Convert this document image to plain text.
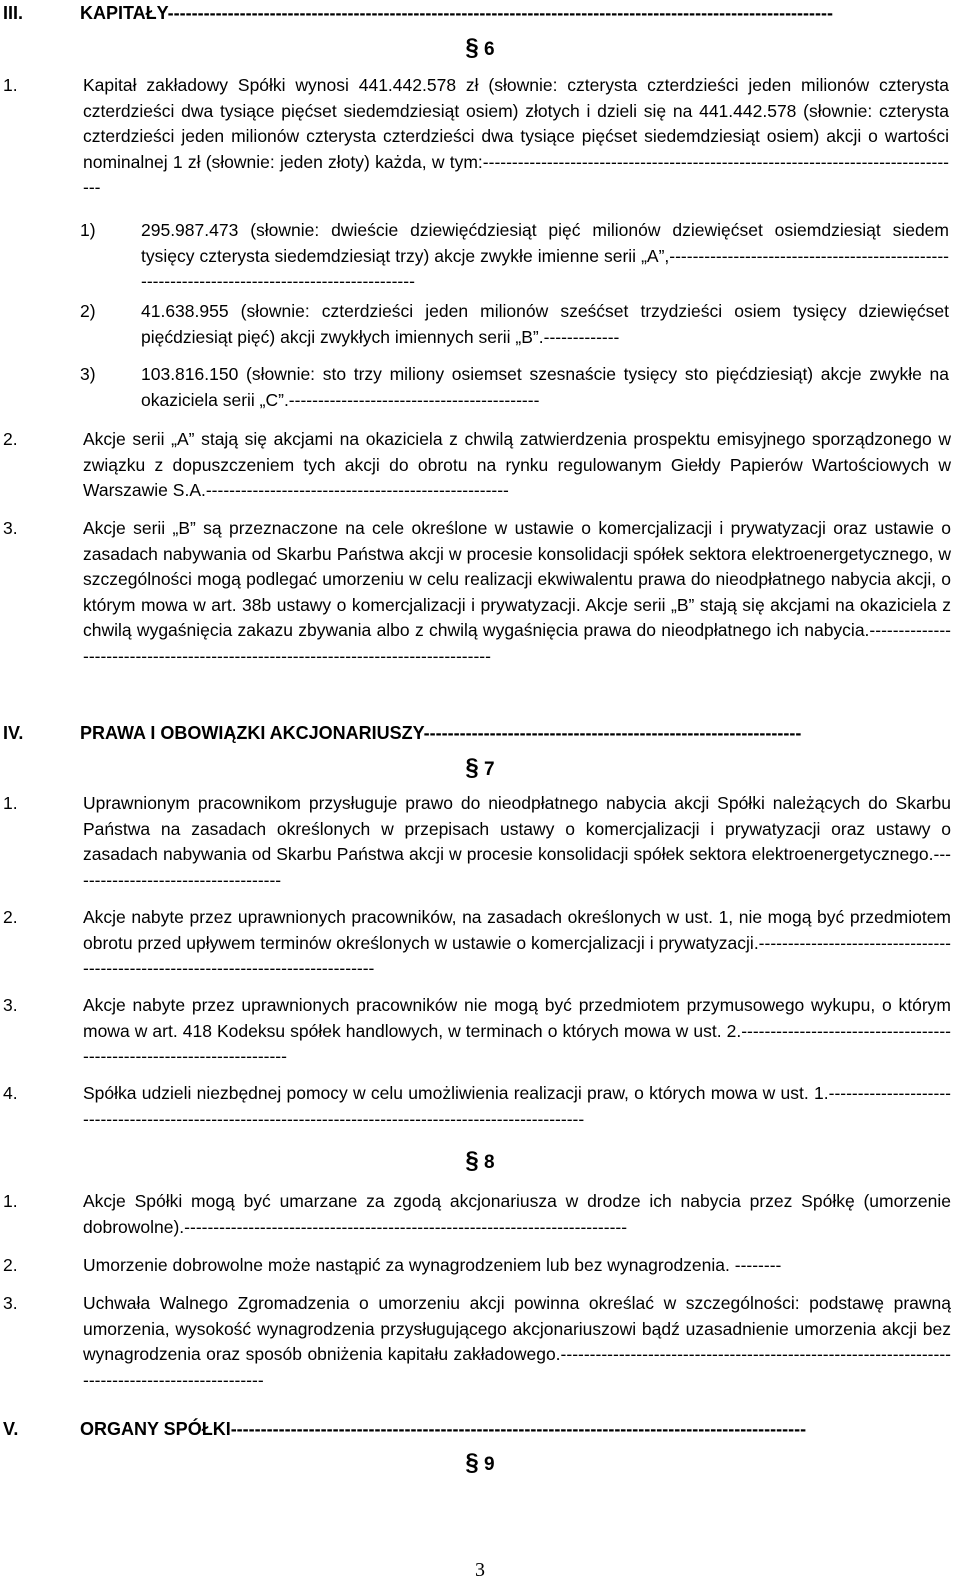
III.	KAPITAŁY---------------------------------------------------------------------------------------------------------------
§ 6
1.	Kapitał zakładowy Spółki wynosi 441.442.578 zł (słownie: czterysta czterdzieści jeden milionów czterysta czterdzieści dwa tysiące pięćset siedemdziesiąt osiem) złotych i dzieli się na 441.442.578 (słownie: czterysta czterdzieści jeden milionów czterysta czterdzieści dwa tysiące pięćset siedemdziesiąt osiem) akcji o wartości nominalnej 1 zł (słownie: jeden złoty) każda, w tym:-----------------------------------------------------------------------------------
1)	295.987.473 (słownie: dwieście dziewięćdziesiąt pięć milionów dziewięćset osiemdziesiąt siedem tysięcy czterysta siedemdziesiąt trzy) akcje zwykłe imienne serii „A”,-----------------------------------------------------------------------------------------------
2)	41.638.955 (słownie: czterdzieści jeden milionów sześćset trzydzieści osiem tysięcy dziewięćset pięćdziesiąt pięć) akcji zwykłych imiennych serii „B”.-------------
3)	103.816.150 (słownie: sto trzy miliony osiemset szesnaście tysięcy sto pięćdziesiąt) akcje zwykłe na okaziciela serii „C”.-------------------------------------------
2.	Akcje serii „A” stają się akcjami na okaziciela z chwilą zatwierdzenia prospektu emisyjnego sporządzonego w związku z dopuszczeniem tych akcji do obrotu na rynku regulowanym Giełdy Papierów Wartościowych w Warszawie S.A.----------------------------------------------------
3.	Akcje serii „B” są przeznaczone na cele określone w ustawie o komercjalizacji i prywatyzacji oraz ustawie o zasadach nabywania od Skarbu Państwa akcji w procesie konsolidacji spółek sektora elektroenergetycznego, w szczególności mogą podlegać umorzeniu w celu realizacji ekwiwalentu prawa do nieodpłatnego nabycia akcji, o którym mowa w art. 38b ustawy o komercjalizacji i prywatyzacji. Akcje serii „B” stają się akcjami na okaziciela z chwilą wygaśnięcia zakazu zbywania albo z chwilą wygaśnięcia prawa do nieodpłatnego ich nabycia.------------------------------------------------------------------------------------
IV.	PRAWA I OBOWIĄZKI AKCJONARIUSZY---------------------------------------------------------------
§ 7
1.	Uprawnionym pracownikom przysługuje prawo do nieodpłatnego nabycia akcji Spółki należących do Skarbu Państwa na zasadach określonych w przepisach ustawy o komercjalizacji i prywatyzacji oraz ustawy o zasadach nabywania od Skarbu Państwa akcji w procesie konsolidacji spółek sektora elektroenergetycznego.-------------------------------------
2.	Akcje nabyte przez uprawnionych pracowników, na zasadach określonych w ust. 1, nie mogą być przedmiotem obrotu przed upływem terminów określonych w ustawie o komercjalizacji i prywatyzacji.-----------------------------------------------------------------------------------
3.	Akcje nabyte przez uprawnionych pracowników nie mogą być przedmiotem przymusowego wykupu, o którym mowa w art. 418 Kodeksu spółek handlowych, w terminach o których mowa w ust. 2.-----------------------------------------------------------------------
4.	Spółka udzieli niezbędnej pomocy w celu umożliwienia realizacji praw, o których mowa w ust. 1.-----------------------------------------------------------------------------------------------------------
§ 8
1.	Akcje Spółki mogą być umarzane za zgodą akcjonariusza w drodze ich nabycia przez Spółkę (umorzenie dobrowolne).----------------------------------------------------------------------------
2.	Umorzenie dobrowolne może nastąpić za wynagrodzeniem lub bez wynagrodzenia. --------
3.	Uchwała Walnego Zgromadzenia o umorzeniu akcji powinna określać w szczególności: podstawę prawną umorzenia, wysokość wynagrodzenia przysługującego akcjonariuszowi bądź uzasadnienie umorzenia akcji bez wynagrodzenia oraz sposób obniżenia kapitału zakładowego.--------------------------------------------------------------------------------------------------
V.	ORGANY SPÓŁKI------------------------------------------------------------------------------------------------
§ 9
3
